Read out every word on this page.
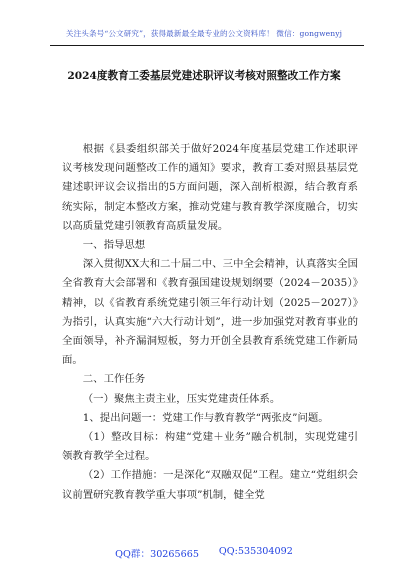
关注头条号“公文研究”，获得最新最全最专业的公文资料库！ 微信：gongwenyj
2024度教育工委基层党建述职评议考核对照整改工作方案

根据《县委组织部关于做好2024年度基层党建工作述职评议考核发现问题整改工作的通知》要求，教育工委对照县基层党建述职评议会议指出的5方面问题，深入剖析根源，结合教育系统实际，制定本整改方案，推动党建与教育教学深度融合，切实以高质量党建引领教育高质量发展。

一、指导思想

深入贯彻XX大和二十届二中、三中全会精神，认真落实全国全省教育大会部署和《教育强国建设规划纲要（2024－2035）》精神，以《省教育系统党建引领三年行动计划（2025－2027）》为指引，认真实施“六大行动计划”，进一步加强党对教育事业的全面领导，补齐漏洞短板，努力开创全县教育系统党建工作新局面。

二、工作任务

（一）聚焦主责主业，压实党建责任体系。

1、提出问题一：党建工作与教育教学“两张皮”问题。

（1）整改目标：构建“党建＋业务”融合机制，实现党建引领教育教学全过程。

（2）工作措施：一是深化“双融双促”工程。建立“党组织会议前置研究教育教学重大事项”机制，健全党

QQ群：30265665 QQ:535304092
